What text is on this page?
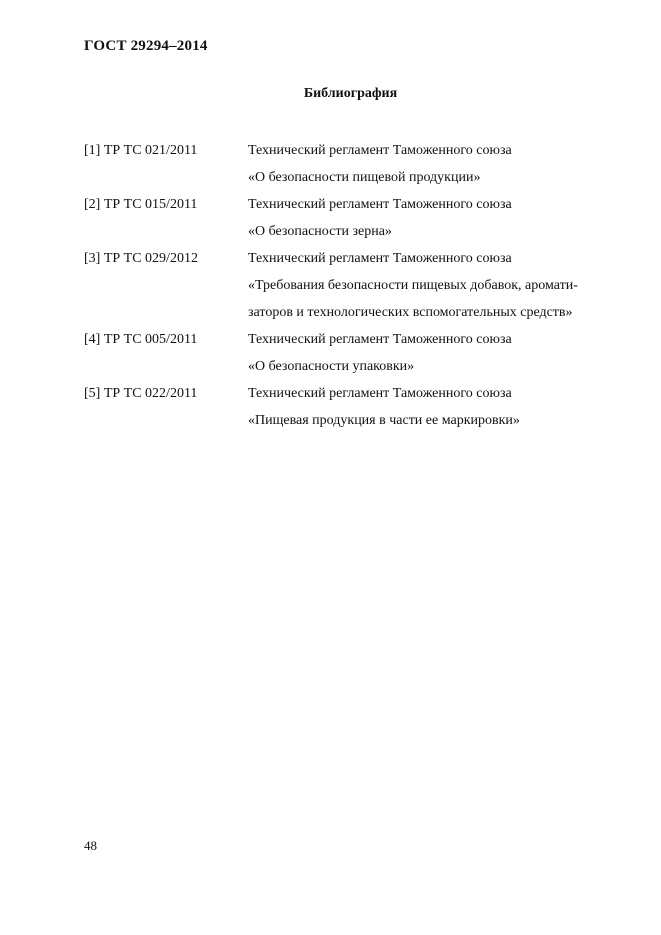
ГОСТ 29294–2014
Библиография
[1] ТР ТС 021/2011	Технический регламент Таможенного союза
«О безопасности пищевой продукции»
[2] ТР ТС 015/2011	Технический регламент Таможенного союза
«О безопасности зерна»
[3] ТР ТС 029/2012	Технический регламент Таможенного союза
«Требования безопасности пищевых добавок, аромати-
заторов и технологических вспомогательных средств»
[4] ТР ТС 005/2011	Технический регламент Таможенного союза
«О безопасности упаковки»
[5] ТР ТС 022/2011	Технический регламент Таможенного союза
«Пищевая продукция в части ее маркировки»
48
